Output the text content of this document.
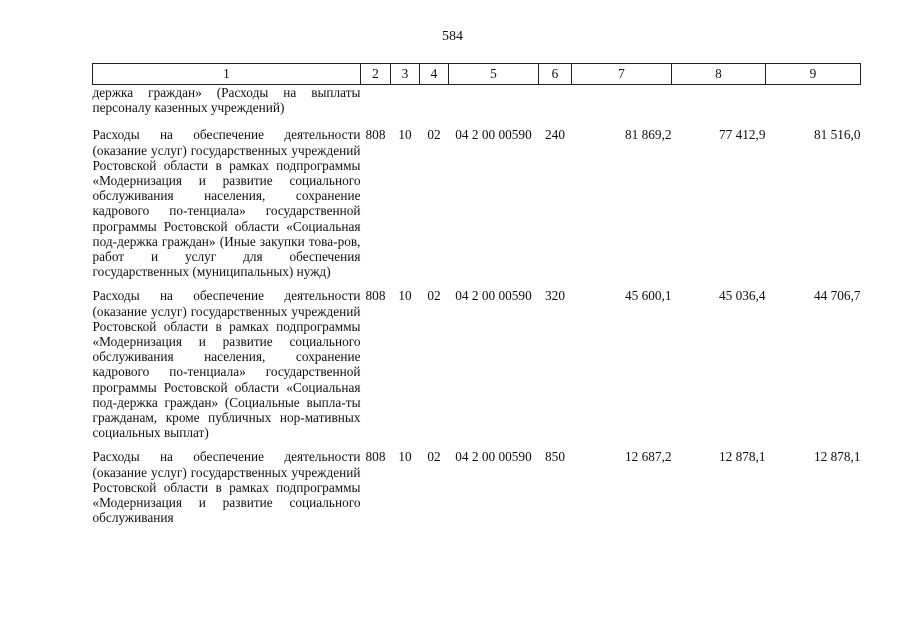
584
1	2	3	4	5	6	7	8	9
держка граждан» (Расходы на выплаты персоналу казенных учреждений)								
Расходы на обеспечение деятельности (оказание услуг) государственных учреждений Ростовской области в рамках подпрограммы «Модернизация и развитие социального обслуживания населения, сохранение кадрового по-тенциала» государственной программы Ростовской области «Социальная под-держка граждан» (Иные закупки това-ров, работ и услуг для обеспечения государственных (муниципальных) нужд)	808	10	02	04 2 00 00590	240	81 869,2	77 412,9	81 516,0
Расходы на обеспечение деятельности (оказание услуг) государственных учреждений Ростовской области в рамках подпрограммы «Модернизация и развитие социального обслуживания населения, сохранение кадрового по-тенциала» государственной программы Ростовской области «Социальная под-держка граждан» (Социальные выпла-ты гражданам, кроме публичных нор-мативных социальных выплат)	808	10	02	04 2 00 00590	320	45 600,1	45 036,4	44 706,7
Расходы на обеспечение деятельности (оказание услуг) государственных учреждений Ростовской области в рамках подпрограммы «Модернизация и развитие социального обслуживания	808	10	02	04 2 00 00590	850	12 687,2	12 878,1	12 878,1
